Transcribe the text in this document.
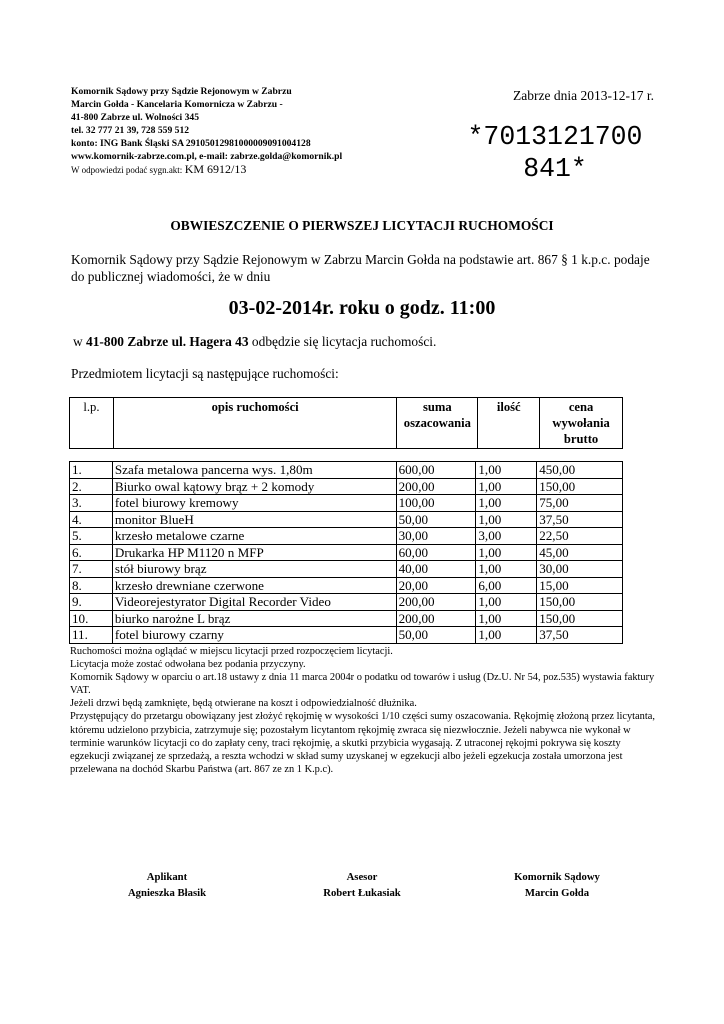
Komornik Sądowy przy Sądzie Rejonowym w Zabrzu
Marcin Gołda - Kancelaria Komornicza w Zabrzu -
41-800 Zabrze ul. Wolności 345
tel. 32 777 21 39, 728 559 512
konto: ING Bank Śląski SA 29105012981000009091004128
www.komornik-zabrze.com.pl, e-mail: zabrze.golda@komornik.pl
W odpowiedzi podać sygn.akt: KM 6912/13
Zabrze dnia 2013-12-17 r.
*7013121700
841*
OBWIESZCZENIE O PIERWSZEJ LICYTACJI RUCHOMOŚCI
Komornik Sądowy przy Sądzie Rejonowym w Zabrzu Marcin Gołda na podstawie art. 867 § 1 k.p.c. podaje
do publicznej wiadomości, że w dniu
03-02-2014r. roku o godz. 11:00
w 41-800 Zabrze ul. Hagera 43 odbędzie się licytacja ruchomości.
Przedmiotem licytacji są następujące ruchomości:
l.p.	opis ruchomości	suma oszacowania	ilość	cena wywołania brutto
1.	Szafa metalowa pancerna wys. 1,80m	600,00	1,00	450,00
2.	Biurko owal kątowy brąz + 2 komody	200,00	1,00	150,00
3.	fotel biurowy kremowy	100,00	1,00	75,00
4.	monitor BlueH	50,00	1,00	37,50
5.	krzesło metalowe czarne	30,00	3,00	22,50
6.	Drukarka HP M1120 n MFP	60,00	1,00	45,00
7.	stół biurowy brąz	40,00	1,00	30,00
8.	krzesło drewniane czerwone	20,00	6,00	15,00
9.	Videorejestyrator Digital Recorder Video	200,00	1,00	150,00
10.	biurko narożne L brąz	200,00	1,00	150,00
11.	fotel biurowy czarny	50,00	1,00	37,50

Ruchomości można oglądać w miejscu licytacji przed rozpoczęciem licytacji.

Licytacja może zostać odwołana bez podania przyczyny.

Komornik Sądowy w oparciu o art.18 ustawy z dnia 11 marca 2004r o podatku od towarów i usług (Dz.U. Nr 54, poz.535) wystawia faktury VAT.

Jeżeli drzwi będą zamknięte, będą otwierane na koszt i odpowiedzialność dłużnika.

Przystępujący do przetargu obowiązany jest złożyć rękojmię w wysokości 1/10 części sumy oszacowania. Rękojmię złożoną przez licytanta, któremu udzielono przybicia, zatrzymuje się; pozostałym licytantom rękojmię zwraca się niezwłocznie. Jeżeli nabywca nie wykonał w terminie warunków licytacji co do zapłaty ceny, traci rękojmię, a skutki przybicia wygasają. Z utraconej rękojmi pokrywa się koszty egzekucji związanej ze sprzedażą, a reszta wchodzi w skład sumy uzyskanej w egzekucji albo jeżeli egzekucja została umorzona jest przelewana na dochód Skarbu Państwa (art. 867 ze zn 1 K.p.c).

Aplikant
Agnieszka Błasik
Asesor
Robert Łukasiak
Komornik Sądowy
Marcin Gołda
